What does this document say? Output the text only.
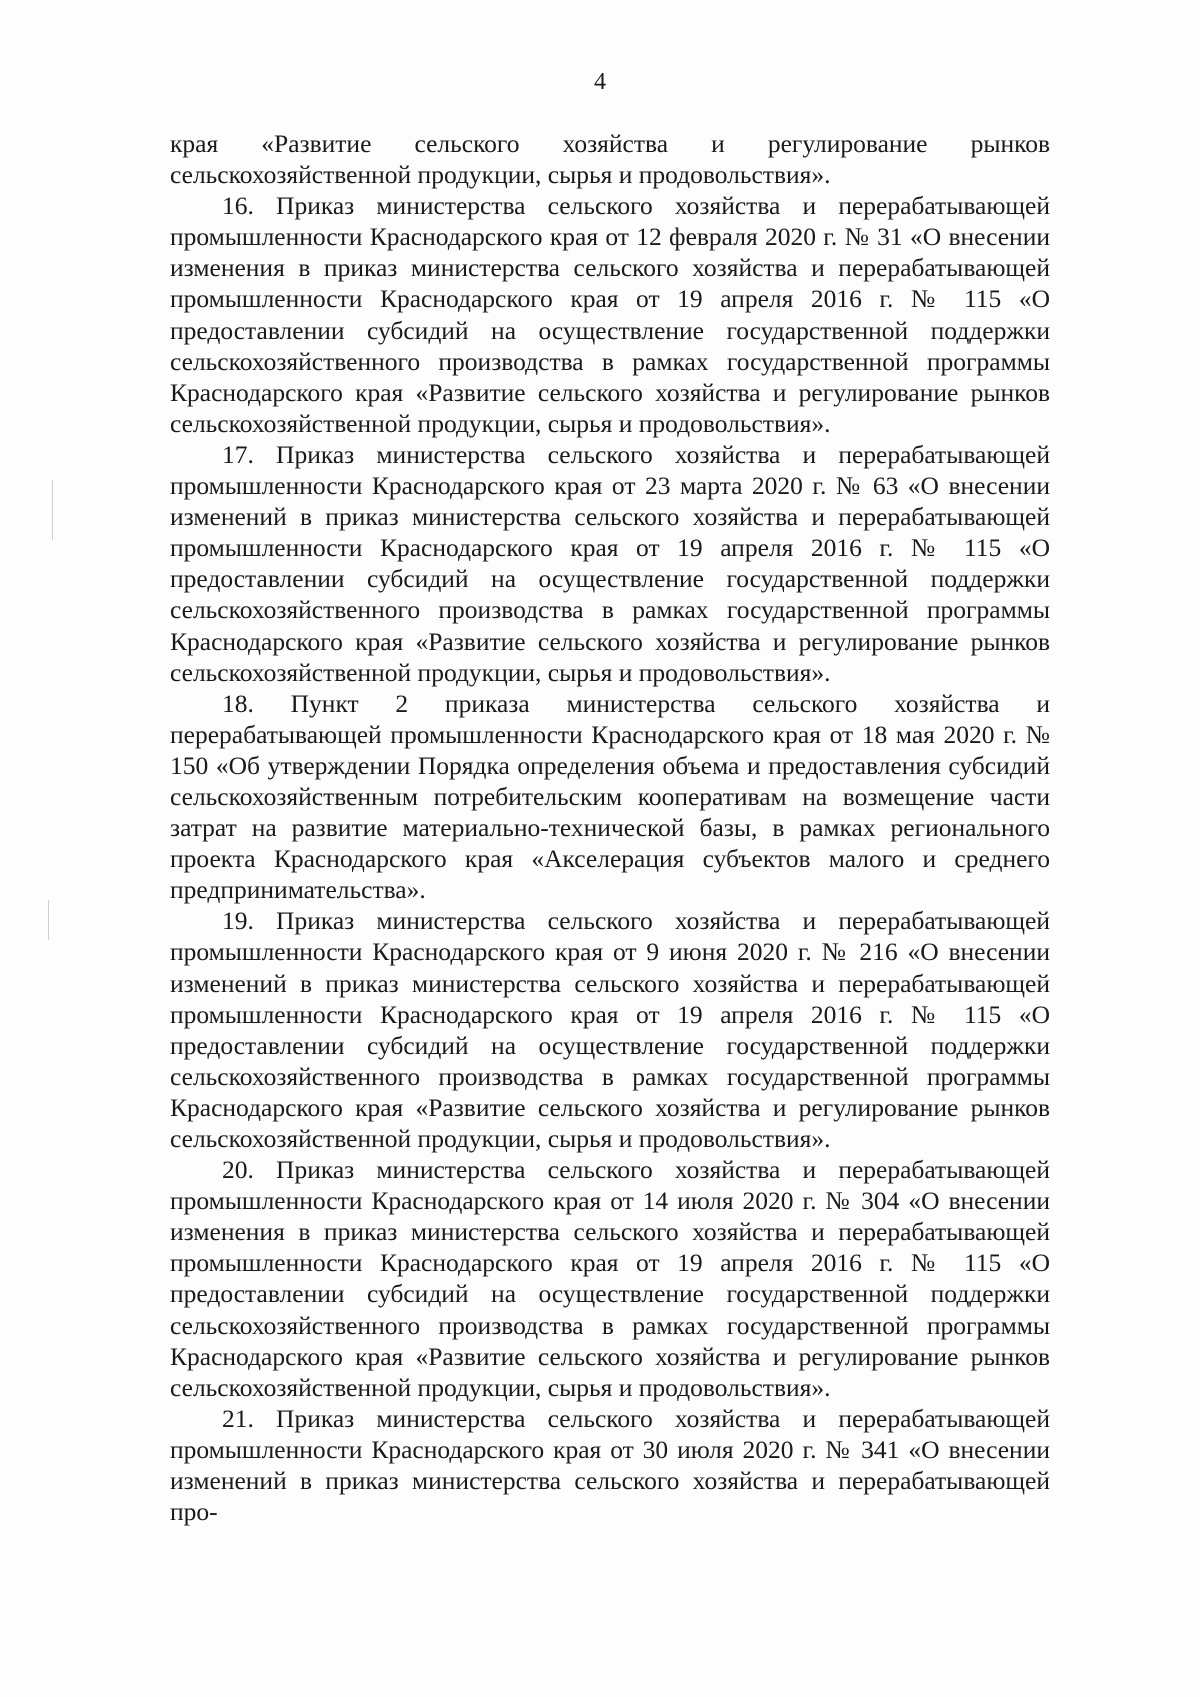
4

края «Развитие сельского хозяйства и регулирование рынков сельскохозяйственной продукции, сырья и продовольствия».

16. Приказ министерства сельского хозяйства и перерабатывающей промышленности Краснодарского края от 12 февраля 2020 г. № 31 «О внесении изменения в приказ министерства сельского хозяйства и перерабатывающей промышленности Краснодарского края от 19 апреля 2016 г. № 115 «О предоставлении субсидий на осуществление государственной поддержки сельскохозяйственного производства в рамках государственной программы Краснодарского края «Развитие сельского хозяйства и регулирование рынков сельскохозяйственной продукции, сырья и продовольствия».

17. Приказ министерства сельского хозяйства и перерабатывающей промышленности Краснодарского края от 23 марта 2020 г. № 63 «О внесении изменений в приказ министерства сельского хозяйства и перерабатывающей промышленности Краснодарского края от 19 апреля 2016 г. № 115 «О предоставлении субсидий на осуществление государственной поддержки сельскохозяйственного производства в рамках государственной программы Краснодарского края «Развитие сельского хозяйства и регулирование рынков сельскохозяйственной продукции, сырья и продовольствия».

18. Пункт 2 приказа министерства сельского хозяйства и перерабатывающей промышленности Краснодарского края от 18 мая 2020 г. № 150 «Об утверждении Порядка определения объема и предоставления субсидий сельскохозяйственным потребительским кооперативам на возмещение части затрат на развитие материально-технической базы, в рамках регионального проекта Краснодарского края «Акселерация субъектов малого и среднего предпринимательства».

19. Приказ министерства сельского хозяйства и перерабатывающей промышленности Краснодарского края от 9 июня 2020 г. № 216 «О внесении изменений в приказ министерства сельского хозяйства и перерабатывающей промышленности Краснодарского края от 19 апреля 2016 г. № 115 «О предоставлении субсидий на осуществление государственной поддержки сельскохозяйственного производства в рамках государственной программы Краснодарского края «Развитие сельского хозяйства и регулирование рынков сельскохозяйственной продукции, сырья и продовольствия».

20. Приказ министерства сельского хозяйства и перерабатывающей промышленности Краснодарского края от 14 июля 2020 г. № 304 «О внесении изменения в приказ министерства сельского хозяйства и перерабатывающей промышленности Краснодарского края от 19 апреля 2016 г. № 115 «О предоставлении субсидий на осуществление государственной поддержки сельскохозяйственного производства в рамках государственной программы Краснодарского края «Развитие сельского хозяйства и регулирование рынков сельскохозяйственной продукции, сырья и продовольствия».

21. Приказ министерства сельского хозяйства и перерабатывающей промышленности Краснодарского края от 30 июля 2020 г. № 341 «О внесении изменений в приказ министерства сельского хозяйства и перерабатывающей про-
